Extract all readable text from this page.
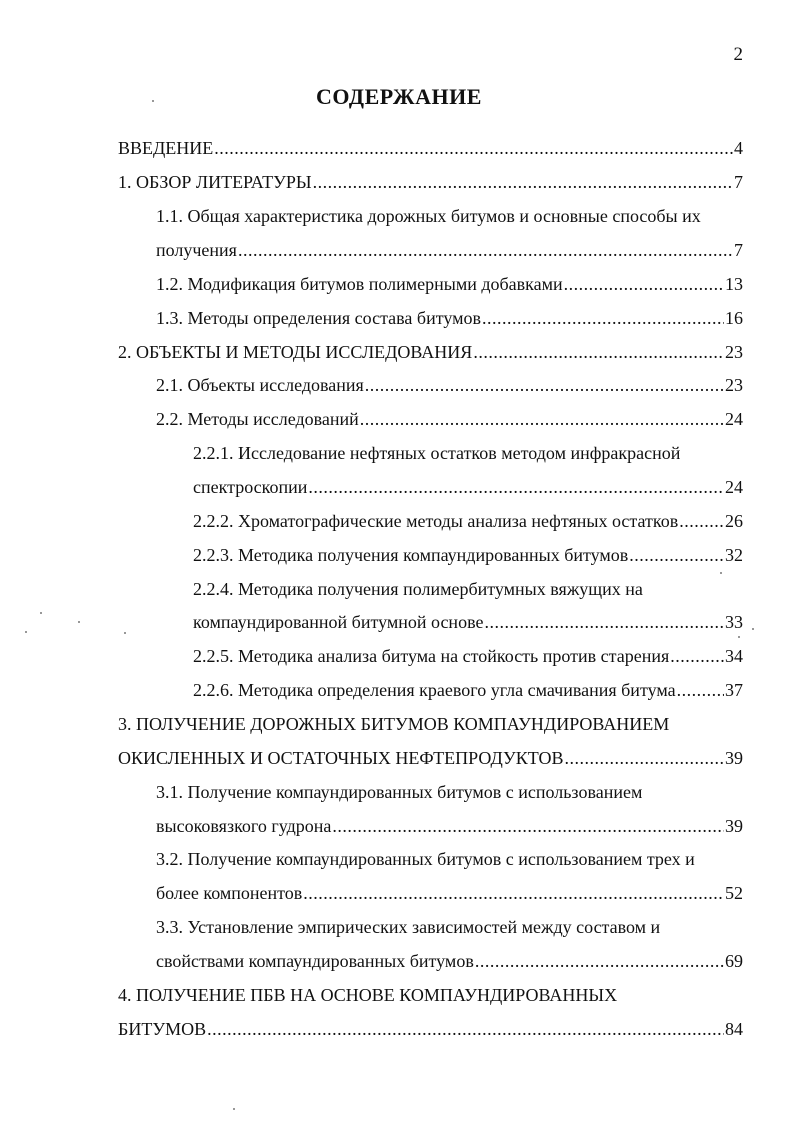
2
СОДЕРЖАНИЕ
ВВЕДЕНИЕ .....	4
1. ОБЗОР ЛИТЕРАТУРЫ .....	7
1.1. Общая характеристика дорожных битумов и основные способы их
получения .....	7
1.2. Модификация битумов полимерными добавками .....	13
1.3. Методы определения состава битумов .....	16
2. ОБЪЕКТЫ И МЕТОДЫ ИССЛЕДОВАНИЯ .....	23
2.1. Объекты исследования .....	23
2.2. Методы исследований .....	24
2.2.1. Исследование нефтяных остатков методом инфракрасной
спектроскопии .....	24
2.2.2. Хроматографические методы анализа нефтяных остатков .....	26
2.2.3. Методика получения компаундированных битумов .....	32
2.2.4. Методика получения полимербитумных вяжущих на
компаундированной битумной основе .....	33
2.2.5. Методика анализа битума на стойкость против старения .....	34
2.2.6. Методика определения краевого угла смачивания битума .....	37
3. ПОЛУЧЕНИЕ ДОРОЖНЫХ БИТУМОВ КОМПАУНДИРОВАНИЕМ
ОКИСЛЕННЫХ И ОСТАТОЧНЫХ НЕФТЕПРОДУКТОВ .....	39
3.1. Получение компаундированных битумов с использованием
высоковязкого гудрона .....	39
3.2. Получение компаундированных битумов с использованием трех и
более компонентов .....	52
3.3. Установление эмпирических зависимостей между составом и
свойствами компаундированных битумов .....	69
4. ПОЛУЧЕНИЕ ПБВ НА ОСНОВЕ КОМПАУНДИРОВАННЫХ
БИТУМОВ .....	84
